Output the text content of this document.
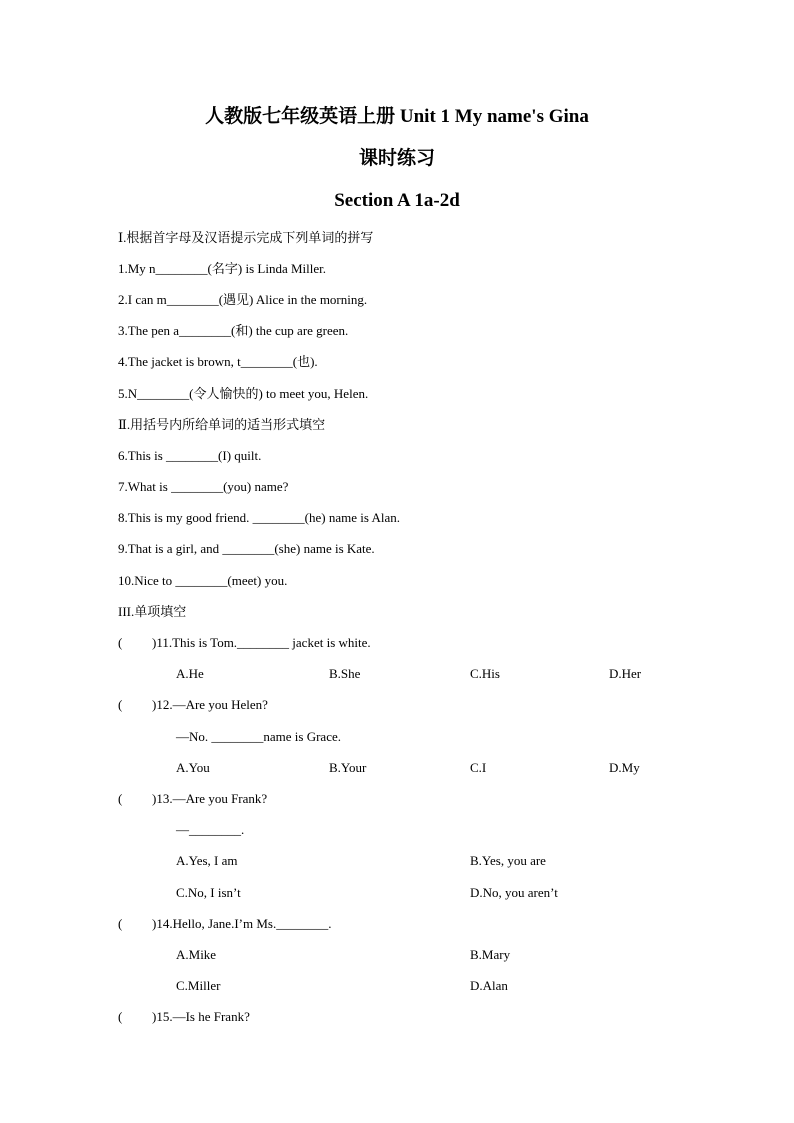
人教版七年级英语上册 Unit 1 My name's Gina
课时练习
Section A 1a-2d
Ⅰ.根据首字母及汉语提示完成下列单词的拼写
1.My n________(名字) is Linda Miller.
2.I can m________(遇见) Alice in the morning.
3.The pen a________(和) the cup are green.
4.The jacket is brown, t________(也).
5.N________(令人愉快的) to meet you, Helen.
Ⅱ.用括号内所给单词的适当形式填空
6.This is ________(I) quilt.
7.What is ________(you) name?
8.This is my good friend. ________(he) name is Alan.
9.That is a girl, and ________(she) name is Kate.
10.Nice to ________(meet) you.
III.单项填空
( )11.This is Tom.________ jacket is white.
A.He	B.She	C.His	D.Her
( )12.—Are you Helen?
—No. ________name is Grace.
A.You	B.Your	C.I	D.My
( )13.—Are you Frank?
—________.
A.Yes, I am	B.Yes, you are
C.No, I isn’t	D.No, you aren’t
( )14.Hello, Jane.I’m Ms.________.
A.Mike	B.Mary
C.Miller	D.Alan
( )15.—Is he Frank?
